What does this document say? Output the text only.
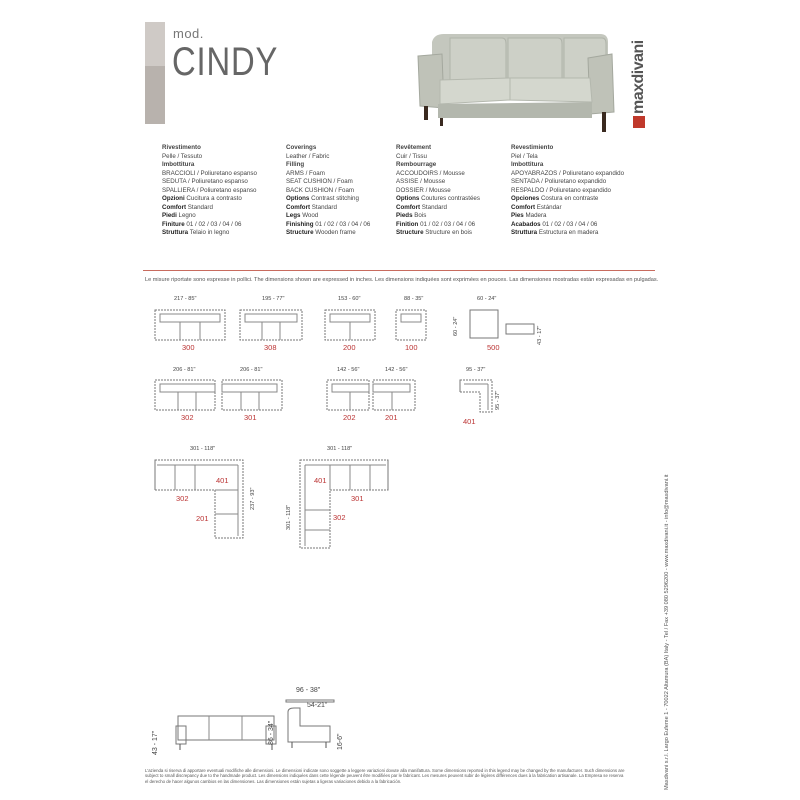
mod.
CINDY	maxdivani
Rivestimento
Pelle / Tessuto
Imbottitura
BRACCIOLI / Poliuretano espanso
SEDUTA / Poliuretano espanso
SPALLIERA / Poliuretano espanso
Opzioni Cucitura a contrasto
Comfort Standard
Piedi Legno
Finiture 01 / 02 / 03 / 04 / 06
Struttura Telaio in legno
Coverings
Leather / Fabric
Filling
ARMS / Foam
SEAT CUSHION / Foam
BACK CUSHION / Foam
Options Contrast stitching
Comfort Standard
Legs Wood
Finishing 01 / 02 / 03 / 04 / 06
Structure Wooden frame
Revêtement
Cuir / Tissu
Rembourrage
ACCOUDOIRS / Mousse
ASSISE / Mousse
DOSSIER / Mousse
Options Coutures contrastées
Comfort Standard
Pieds Bois
Finition 01 / 02 / 03 / 04 / 06
Structure Structure en bois
Revestimiento
Piel / Tela
Imbottitura
APOYABRAZOS / Poliuretano expandido
SENTADA / Poliuretano expandido
RESPALDO / Poliuretano expandido
Opciones Costura en contraste
Comfort Estándar
Pies Madera
Acabados 01 / 02 / 03 / 04 / 06
Struttura Estructura en madera
Le misure riportate sono espresse in pollici. The dimensions shown are expressed in inches. Les dimensions indiquées sont exprimées en pouces. Las dimensiones mostradas están expresadas en pulgadas.
217 - 85"	195 - 77"	153 - 60"	88 - 35"	60 - 24"
60 - 24"	43 - 17"
300	308	200	100	500
206 - 81"	206 - 81"	142 - 56"	142 - 56"	95 - 37"
95 - 37"
302	301	202	201	401
301 - 118"	301 - 118"
237 - 93"
401
302
201	301 - 118"
401
301
302
43 - 17"
96 - 38"
54-21"
86 - 34"	16-6"
L'azienda si riserva di apportare eventuali modifiche alle dimensioni. Le dimensioni indicate sono soggette a leggere variazioni dovute alla manifattura. Some dimensions reported in this legend may be changed by the manufacturer. Such dimensions are subject to small discrepancy due to the handmade product. Les dimensions indiquées dans cette légende peuvent être modifiées par le fabricant. Les mesures peuvent subir de légères différences dues à la fabrication artisanale. La Empresa se reserva el derecho de hacer algunos cambios en las dimensiones. Las dimensiones están sujetas a ligeras variaciones debido a la fabricación.	Maxdivani s.r.l. Largo Eufeme 1 - 70022 Altamura (BA) Italy - Tel / Fax +39 080 5296200 - www.maxdivani.it - info@maxdivani.it
